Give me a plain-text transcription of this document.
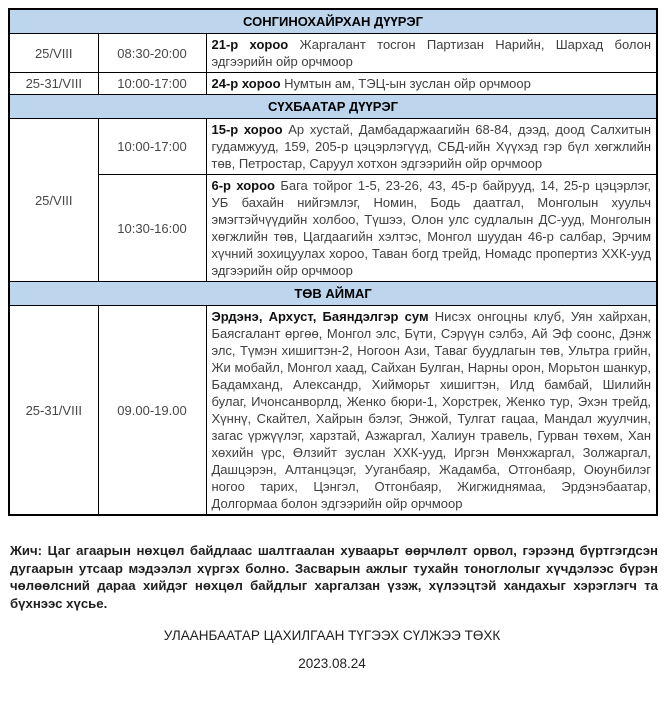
СОНГИНОХАЙРХАН ДҮҮРЭГ		
25/VIII	08:30-20:00	21-р хороо Жаргалант тосгон Партизан Нарийн, Шархад болон эдгээрийн ойр орчмоор
25-31/VIII	10:00-17:00	24-р хороо Нумтын ам, ТЭЦ-ын зуслан ойр орчмоор
СҮХБААТАР ДҮҮРЭГ		
25/VIII	10:00-17:00	15-р хороо Ар хустай, Дамбадаржаагийн 68-84, дээд, доод Салхитын гудамжууд, 159, 205-р цэцэрлэгүүд, СБД-ийн Хүүхэд гэр бүл хөгжлийн төв, Петростар, Саруул хотхон эдгээрийн ойр орчмоор
	10:30-16:00	6-р хороо Бага тойрог 1-5, 23-26, 43, 45-р байрууд, 14, 25-р цэцэрлэг, УБ бахайн нийгэмлэг, Номин, Бодь даатгал, Монголын хуульч эмэгтэйчүүдийн холбоо, Түшээ, Олон улс судлалын ДС-ууд, Монголын хөгжлийн төв, Цагдаагийн хэлтэс, Монгол шуудан 46-р салбар, Эрчим хүчний зохицуулах хороо, Таван богд трейд, Номадс пропертиз ХХК-ууд эдгээрийн ойр орчмоор
ТӨВ АЙМАГ		
25-31/VIII	09.00-19.00	Эрдэнэ, Архуст, Баяндэлгэр сум Нисэх онгоцны клуб, Уян хайрхан, Баясгалант өргөө, Монгол элс, Бүти, Сэрүүн сэлбэ, Ай Эф соонс, Дэнж элс, Түмэн хишигтэн-2, Ногоон Ази, Таваг буудлагын төв, Ультра грийн, Жи мобайл, Монгол хаад, Сайхан Булган, Нарны орон, Морьтон шанкур, Бадамханд, Александр, Хийморьт хишигтэн, Илд бамбай, Шилийн булаг, Ичонсанворлд, Женко бюри-1, Хорстрек, Женко тур, Эхэн трейд, Хүннү, Скайтел, Хайрын бэлэг, Энжой, Тулгат гацаа, Мандал жуулчин, загас үржүүлэг, харзтай, Азжаргал, Халиун травель, Гурван төхөм, Хан хөхийн үрс, Өлзийт зуслан ХХК-ууд, Иргэн Мөнхжаргал, Золжаргал, Дашцэрэн, Алтанцэцэг, Ууганбаяр, Жадамба, Отгонбаяр, Оюунбилэг ногоо тарих, Цэнгэл, Отгонбаяр, Жигжиднямаа, Эрдэнэбаатар, Долгормаа болон эдгээрийн ойр орчмоор
Жич: Цаг агаарын нөхцөл байдлаас шалтгаалан хуваарьт өөрчлөлт орвол, гэрээнд бүртгэгдсэн дугаарын утсаар мэдээлэл хүргэх болно. Засварын ажлыг тухайн тоноглолыг хүчдэлээс бүрэн чөлөөлсний дараа хийдэг нөхцөл байдлыг харгалзан үзэж, хүлээцтэй хандахыг хэрэглэгч та бүхнээс хүсье.
УЛААНБААТАР ЦАХИЛГААН ТҮГЭЭХ СҮЛЖЭЭ ТӨХК
2023.08.24
